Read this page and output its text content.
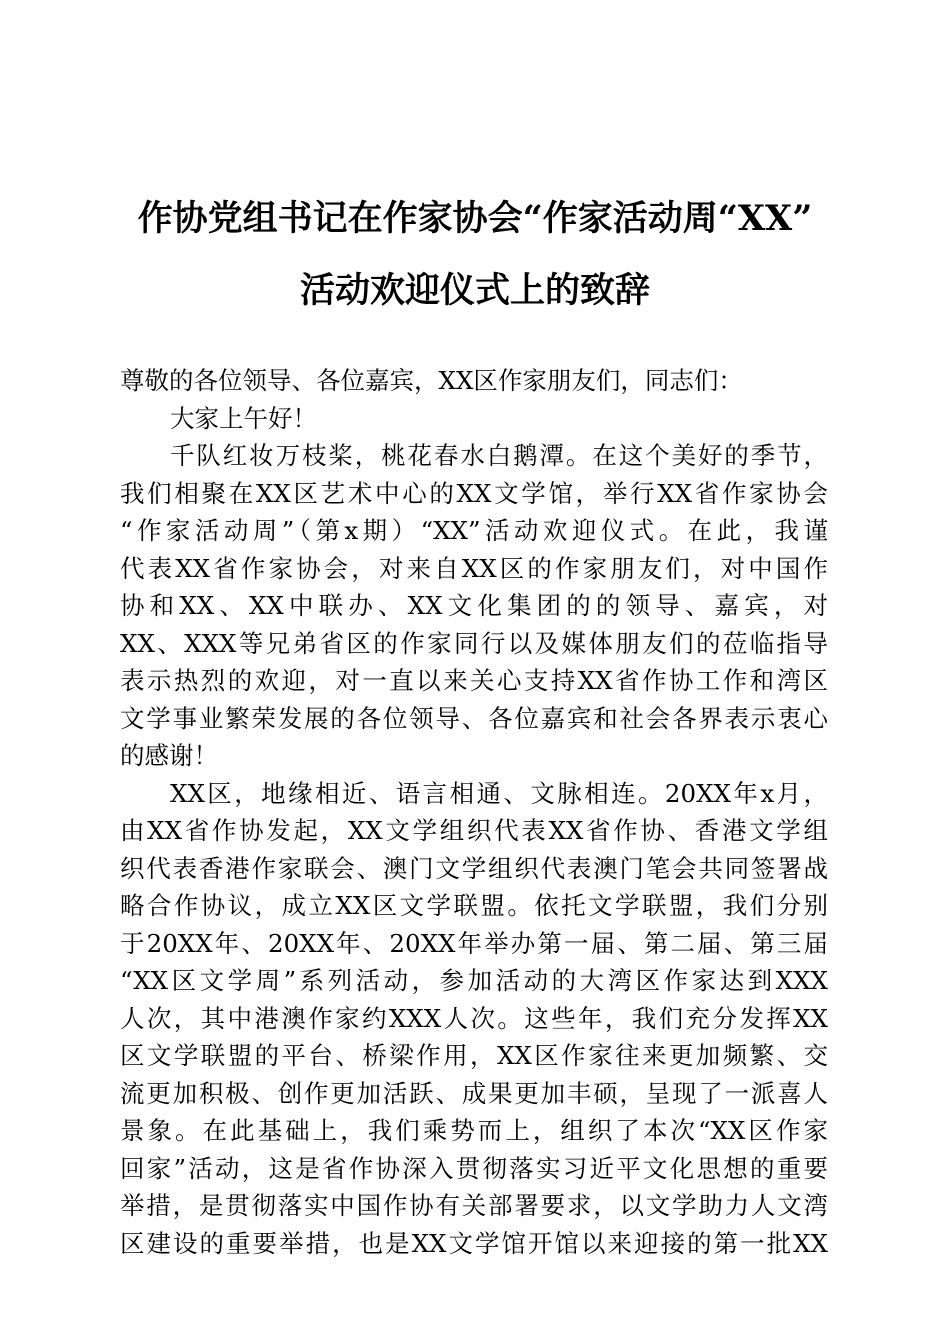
作协党组书记在作家协会“作家活动周“XX”
活动欢迎仪式上的致辞
尊敬的各位领导、各位嘉宾，XX区作家朋友们，同志们：
大家上午好！
千队红妆万枝桨，桃花春水白鹅潭。在这个美好的季节，
我们相聚在XX区艺术中心的XX文学馆，举行XX省作家协会
“作家活动周”（第x期）“XX”活动欢迎仪式。在此，我谨
代表XX省作家协会，对来自XX区的作家朋友们，对中国作
协和XX、XX中联办、XX文化集团的的领导、嘉宾，对
XX、XXX等兄弟省区的作家同行以及媒体朋友们的莅临指导
表示热烈的欢迎，对一直以来关心支持XX省作协工作和湾区
文学事业繁荣发展的各位领导、各位嘉宾和社会各界表示衷心
的感谢！
XX区，地缘相近、语言相通、文脉相连。20XX年x月，
由XX省作协发起，XX文学组织代表XX省作协、香港文学组
织代表香港作家联会、澳门文学组织代表澳门笔会共同签署战
略合作协议，成立XX区文学联盟。依托文学联盟，我们分别
于20XX年、20XX年、20XX年举办第一届、第二届、第三届
“XX区文学周”系列活动，参加活动的大湾区作家达到XXX
人次，其中港澳作家约XXX人次。这些年，我们充分发挥XX
区文学联盟的平台、桥梁作用，XX区作家往来更加频繁、交
流更加积极、创作更加活跃、成果更加丰硕，呈现了一派喜人
景象。在此基础上，我们乘势而上，组织了本次“XX区作家
回家”活动，这是省作协深入贯彻落实习近平文化思想的重要
举措，是贯彻落实中国作协有关部署要求，以文学助力人文湾
区建设的重要举措，也是XX文学馆开馆以来迎接的第一批XX
